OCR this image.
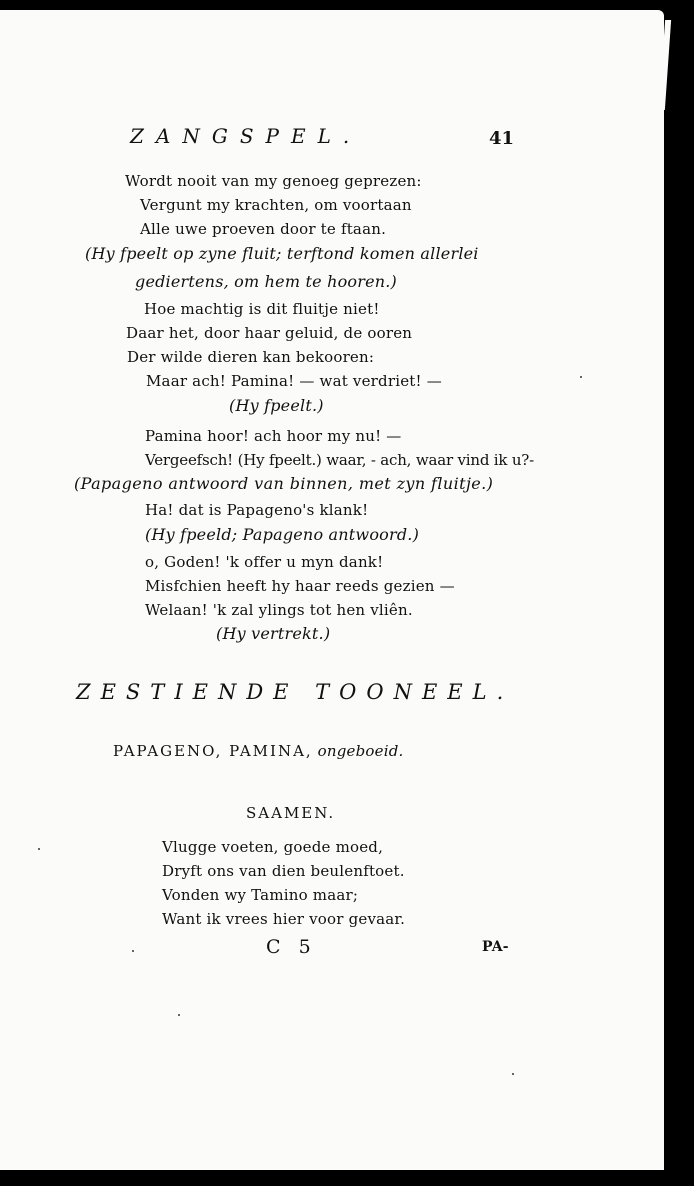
ZANGSPEL.	41
Wordt nooit van my genoeg geprezen:
Vergunt my krachten, om voortaan
Alle uwe proeven door te ftaan.
(Hy fpeelt op zyne fluit; terftond komen allerlei
gediertens, om hem te hooren.)
Hoe machtig is dit fluitje niet!
Daar het, door haar geluid, de ooren
Der wilde dieren kan bekooren:
Maar ach! Pamina! — wat verdriet! —
(Hy fpeelt.)
Pamina hoor! ach hoor my nu! —
Vergeefsch! (Hy fpeelt.) waar, - ach, waar vind ik u?-
(Papageno antwoord van binnen, met zyn fluitje.)
Ha! dat is Papageno's klank!
(Hy fpeeld; Papageno antwoord.)
o, Goden! 'k offer u myn dank!
Misfchien heeft hy haar reeds gezien —
Welaan! 'k zal ylings tot hen vliên.
(Hy vertrekt.)
ZESTIENDE TOONEEL.
PAPAGENO, PAMINA, ongeboeid.
SAAMEN.
Vlugge voeten, goede moed,
Dryft ons van dien beulenftoet.
Vonden wy Tamino maar;
Want ik vrees hier voor gevaar.
C 5	PA-
